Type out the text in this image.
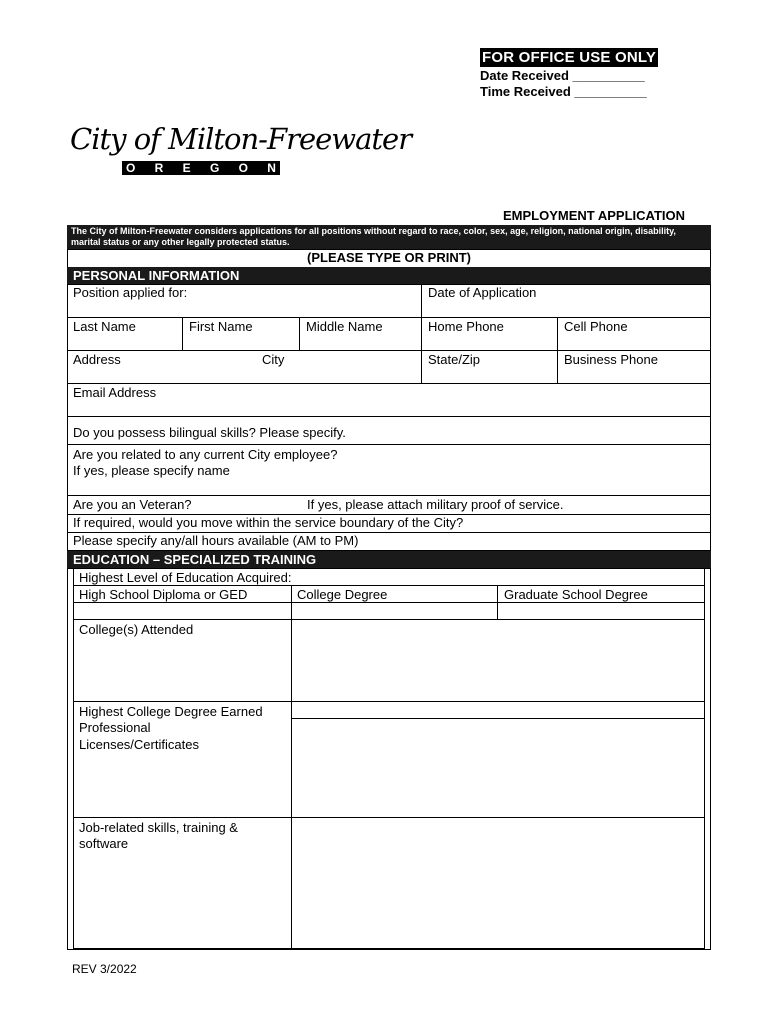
FOR OFFICE USE ONLY
Date Received __________
Time Received __________
City of Milton-Freewater
O R E G O N
EMPLOYMENT APPLICATION
The City of Milton-Freewater considers applications for all positions without regard to race, color, sex, age, religion, national origin, disability, marital status or any other legally protected status.
(PLEASE TYPE OR PRINT)
PERSONAL INFORMATION
Position applied for:	Date of Application
Last Name	First Name	Middle Name	Home Phone	Cell Phone
Address	City	State/Zip	Business Phone
Email Address
Do you possess bilingual skills? Please specify.
Are you related to any current City employee?
If yes, please specify name
Are you an Veteran?	If yes, please attach military proof of service.
If required, would you move within the service boundary of the City?
Please specify any/all hours available (AM to PM)
EDUCATION – SPECIALIZED TRAINING
Highest Level of Education Acquired:
High School Diploma or GED	College Degree	Graduate School Degree
College(s) Attended
Highest College Degree Earned
Professional
Licenses/Certificates
Job-related skills, training &
software
REV 3/2022
